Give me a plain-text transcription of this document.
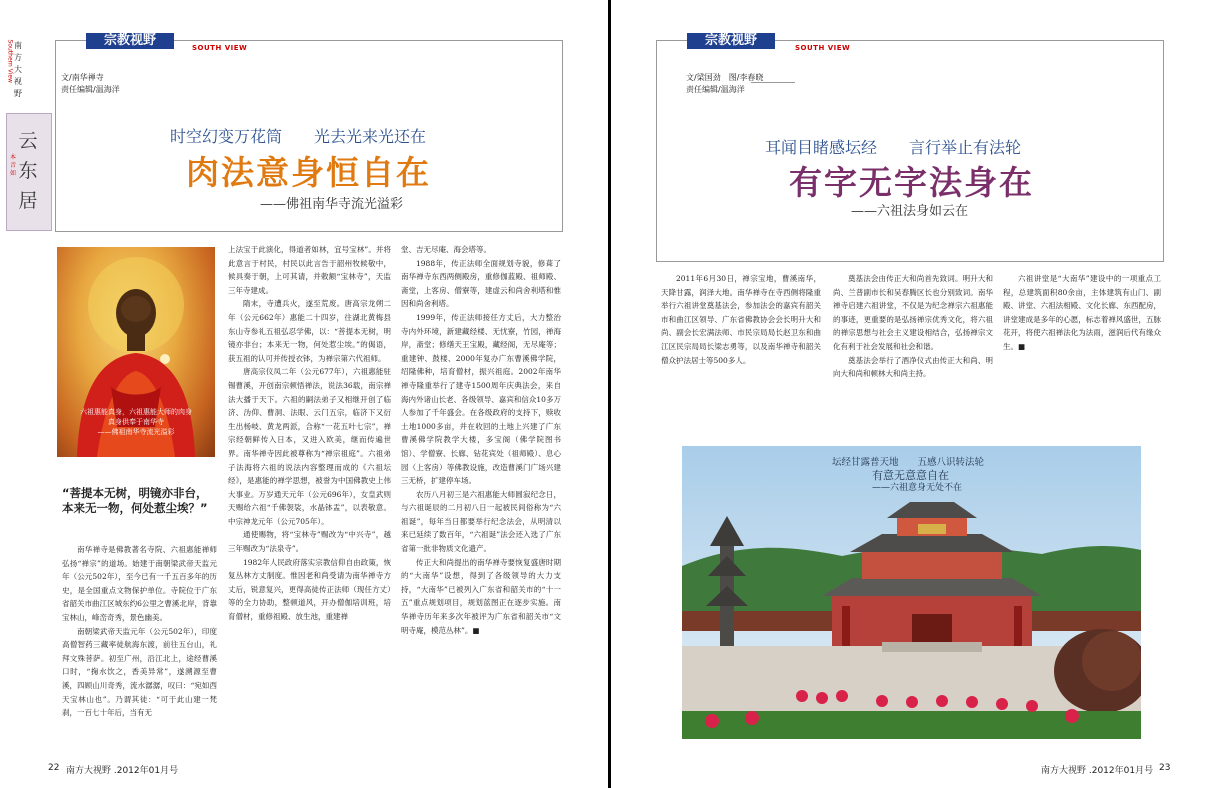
Southern View 南
方
大
视
野
云 东 居
本 音 如
宗教视野	SOUTH VIEW
文/南华禅寺
责任编辑/温海洋
时空幻变万花筒　　光去光来光还在
肉法意身恒自在
——佛祖南华寺流光溢彩
六祖惠能真身，六祖惠能大师的肉身
真身供奉于南华寺
——佛祖南华寺流光溢彩
“菩提本无树，明镜亦非台，本来无一物，何处惹尘埃？”

南华禅寺是佛教著名寺院、六祖惠能禅师弘扬“禅宗”的道场。始建于南朝梁武帝天监元年（公元502年），至今已有一千五百多年的历史，是全国重点文物保护单位。寺院位于广东省韶关市曲江区城东约6公里之曹溪北岸，背靠宝林山，峰峦奇秀，景色幽美。

南朝梁武帝天监元年（公元502年），印度高僧智药三藏率徒航海东渡，前往五台山，礼拜文殊菩萨。初至广州，沿江北上，途经曹溪口时，“掬水饮之，香美异常”，遂溯源至曹溪，四顾山川奇秀，流水潺潺，叹曰：“宛如西天宝林山也”。乃谓其徒：“可于此山建一梵刹，一百七十年后，当有无

上法宝于此演化，得道者如林，宜号宝林”。并将此意言于村民，村民以此言告于韶州牧候敬中，候具奏于朝，上可其请，并敕额“宝林寺”，天监三年寺建成。

隋末，寺遭兵火，遂至荒废。唐高宗龙朔二年（公元662年）惠能二十四岁，往湖北黄梅县东山寺参礼五祖弘忍学佛，以：“菩提本无树，明镜亦非台；本来无一物，何处惹尘埃。”的偈语，获五祖的认可并传授衣钵，为禅宗第六代祖师。

唐高宗仪凤二年（公元677年），六祖惠能驻锡曹溪，开创南宗顿悟禅法，说法36载，南宗禅法大播于天下。六祖的嗣法弟子又相继开创了临济、沩仰、曹洞、法眼、云门五宗，临济下又衍生出杨岐、黄龙两派，合称“一花五叶七宗”，禅宗经朝鲜传入日本，又进入欧美，继而传遍世界。南华禅寺因此被尊称为“禅宗祖庭”。六祖弟子法海将六祖的说法内容整理而成的《六祖坛经》，是惠能的禅学思想，被誉为中国佛教史上伟大事业。万岁通天元年（公元696年），女皇武则天赐给六祖“千佛袈裟，水晶钵盂”，以表敬意。中宗神龙元年（公元705年）。

通使赐物，将“宝林寺”赐改为“中兴寺”，越三年赐改为“法泉寺”。

1982年人民政府落实宗教信仰自由政策，恢复丛林方丈制度。惟因老和尚受请为南华禅寺方丈后，锐意复兴，更得高徒传正法师（现任方丈）等的全力协助，整顿道风，开办僧伽培训班，培育僧材，重修祖殿、放生池，重建禅

堂、吉无尽庵、海会塔等。

1988年，传正法师全面规划寺貌，修葺了南华禅寺东西两侧殿房，重修伽蓝殿、祖师殿、斋堂，上客房、僧寮等，建虚云和尚舍利塔和惟因和尚舍利塔。

1999年，传正法师接任方丈后，大力整治寺内外环境，新建藏经楼、无忧寮，竹园，禅海岸，斋堂；修缮天王宝殿，藏经阁，无尽庵等；重建钟、鼓楼、2000年复办广东曹溪佛学院，绍隆佛种，培育僧材，振兴祖庭。2002年南华禅寺隆重举行了建寺1500周年庆典法会，来自海内外诸山长老、各级领导、嘉宾和信众10多万人参加了千年盛会。在各级政府的支持下，赎收土地1000多亩，并在收回的土地上兴建了广东曹溪佛学院教学大楼，多宝阁（佛学院图书馆）、学僧寮、长廊、钻花宾处（祖师殿）、息心园（上客房）等佛教设施，改造曹溪门广场兴建三无桥，扩建停车场。

农历八月初三是六祖惠能大师圆寂纪念日，与六祖诞辰的二月初八日一起被民间俗称为“六祖诞”，每年当日都要举行纪念法会，从明清以来已延续了数百年，“六祖诞”法会还入选了广东省第一批非物质文化遗产。

传正大和尚提出的南华禅寺要恢复盛唐时期的“大南华”设想，得到了各级领导的大力支持，“大南华”已被列入广东省和韶关市的“十一五”重点规划项目，规划蓝图正在逐步实施。南华禅寺历年来多次年被评为广东省和韶关市“文明寺庵，模范丛林”。■

22 南方大视野 .2012年01月号
宗教视野	SOUTH VIEW
文/梁国劲　图/李春晓
责任编辑/温海洋
耳闻目睹感坛经　　言行举止有法轮
有字无字法身在
——六祖法身如云在

2011年6月30日，禅宗宝地，曹溪南华，天降甘露，润泽大地。南华禅寺在寺西侧将隆重举行六祖讲堂奠基法会，参加法会的嘉宾有韶关市和曲江区领导、广东省佛教协会会长明升大和尚、副会长宏满法师、市民宗局局长赵卫东和曲江区民宗局局长梁志勇等，以及南华禅寺和韶关僧众护法居士等500多人。

奠基法会由传正大和尚首先致词。明升大和尚、兰普副市长和吴春腾区长也分别致词。南华禅寺启建六祖讲堂，不仅是为纪念禅宗六祖惠能的事迹，更重要的是弘扬禅宗优秀文化，将六祖的禅宗思想与社会主义建设相结合，弘扬禅宗文化有利于社会发展和社会和谐。

奠基法会举行了酒净仪式由传正大和尚、明向大和尚和顿林大和尚主持。

六祖讲堂是“大南华”建设中的一项重点工程，总建筑面积80余亩，主体建筑有山门、副殿、讲堂、六祖法相殿、文化长廊、东西配房，讲堂建成是多年的心愿，标志着禅风盛世，五脉花开，将使六祖禅法化为法雨，滋润后代有缘众生。■

坛经甘露普天地　　五感八识转法轮
有意无意意自在
——六祖意身无处不在
南方大视野 .2012年01月号 23
